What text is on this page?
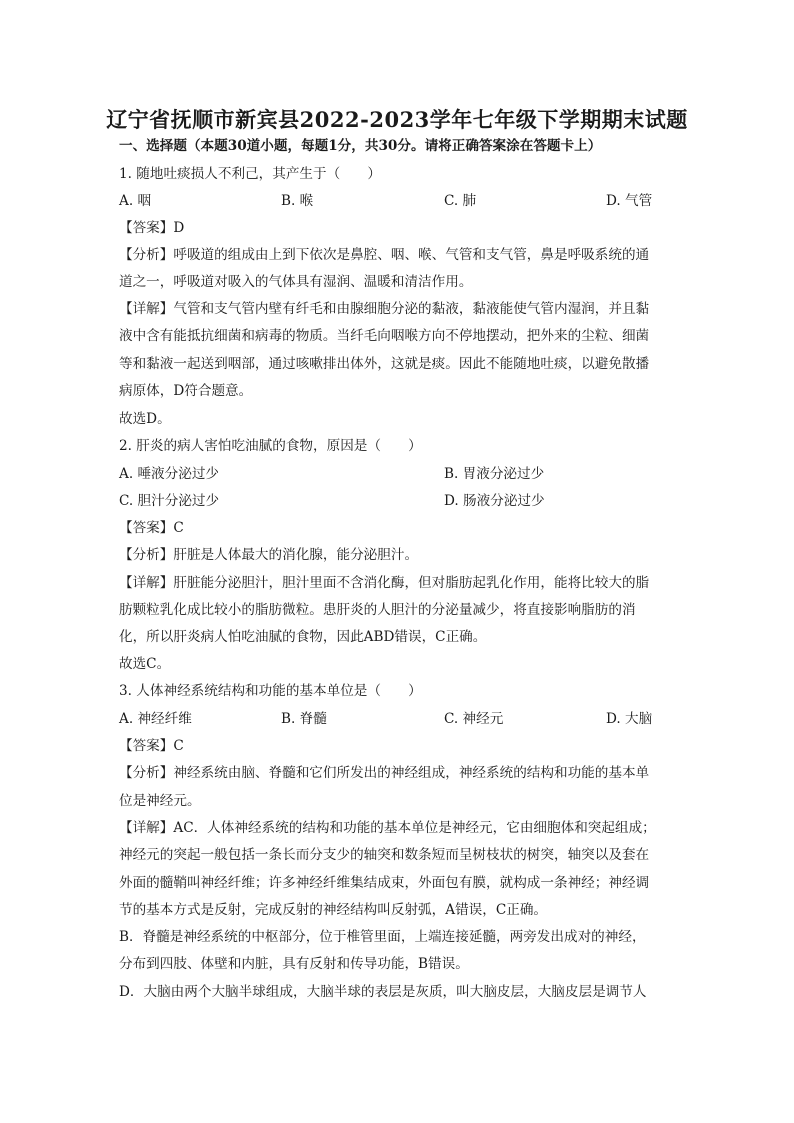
辽宁省抚顺市新宾县2022-2023学年七年级下学期期末试题
一、选择题（本题30道小题，每题1分，共30分。请将正确答案涂在答题卡上）
1. 随地吐痰损人不利己，其产生于（　　）
A. 咽	B. 喉	C. 肺	D. 气管
【答案】D
【分析】呼吸道的组成由上到下依次是鼻腔、咽、喉、气管和支气管，鼻是呼吸系统的通
道之一，呼吸道对吸入的气体具有湿润、温暖和清洁作用。
【详解】气管和支气管内壁有纤毛和由腺细胞分泌的黏液，黏液能使气管内湿润，并且黏
液中含有能抵抗细菌和病毒的物质。当纤毛向咽喉方向不停地摆动，把外来的尘粒、细菌
等和黏液一起送到咽部，通过咳嗽排出体外，这就是痰。因此不能随地吐痰，以避免散播
病原体，D符合题意。
故选D。
2. 肝炎的病人害怕吃油腻的食物，原因是（　　）
A. 唾液分泌过少	B. 胃液分泌过少
C. 胆汁分泌过少	D. 肠液分泌过少
【答案】C
【分析】肝脏是人体最大的消化腺，能分泌胆汁。
【详解】肝脏能分泌胆汁，胆汁里面不含消化酶，但对脂肪起乳化作用，能将比较大的脂
肪颗粒乳化成比较小的脂肪微粒。患肝炎的人胆汁的分泌量减少，将直接影响脂肪的消
化，所以肝炎病人怕吃油腻的食物，因此ABD错误，C正确。
故选C。
3. 人体神经系统结构和功能的基本单位是（　　）
A. 神经纤维	B. 脊髓	C. 神经元	D. 大脑
【答案】C
【分析】神经系统由脑、脊髓和它们所发出的神经组成，神经系统的结构和功能的基本单
位是神经元。
【详解】AC．人体神经系统的结构和功能的基本单位是神经元，它由细胞体和突起组成；
神经元的突起一般包括一条长而分支少的轴突和数条短而呈树枝状的树突，轴突以及套在
外面的髓鞘叫神经纤维；许多神经纤维集结成束，外面包有膜，就构成一条神经；神经调
节的基本方式是反射，完成反射的神经结构叫反射弧，A错误，C正确。
B．脊髓是神经系统的中枢部分，位于椎管里面，上端连接延髓，两旁发出成对的神经，
分布到四肢、体壁和内脏，具有反射和传导功能，B错误。
D．大脑由两个大脑半球组成，大脑半球的表层是灰质，叫大脑皮层，大脑皮层是调节人
